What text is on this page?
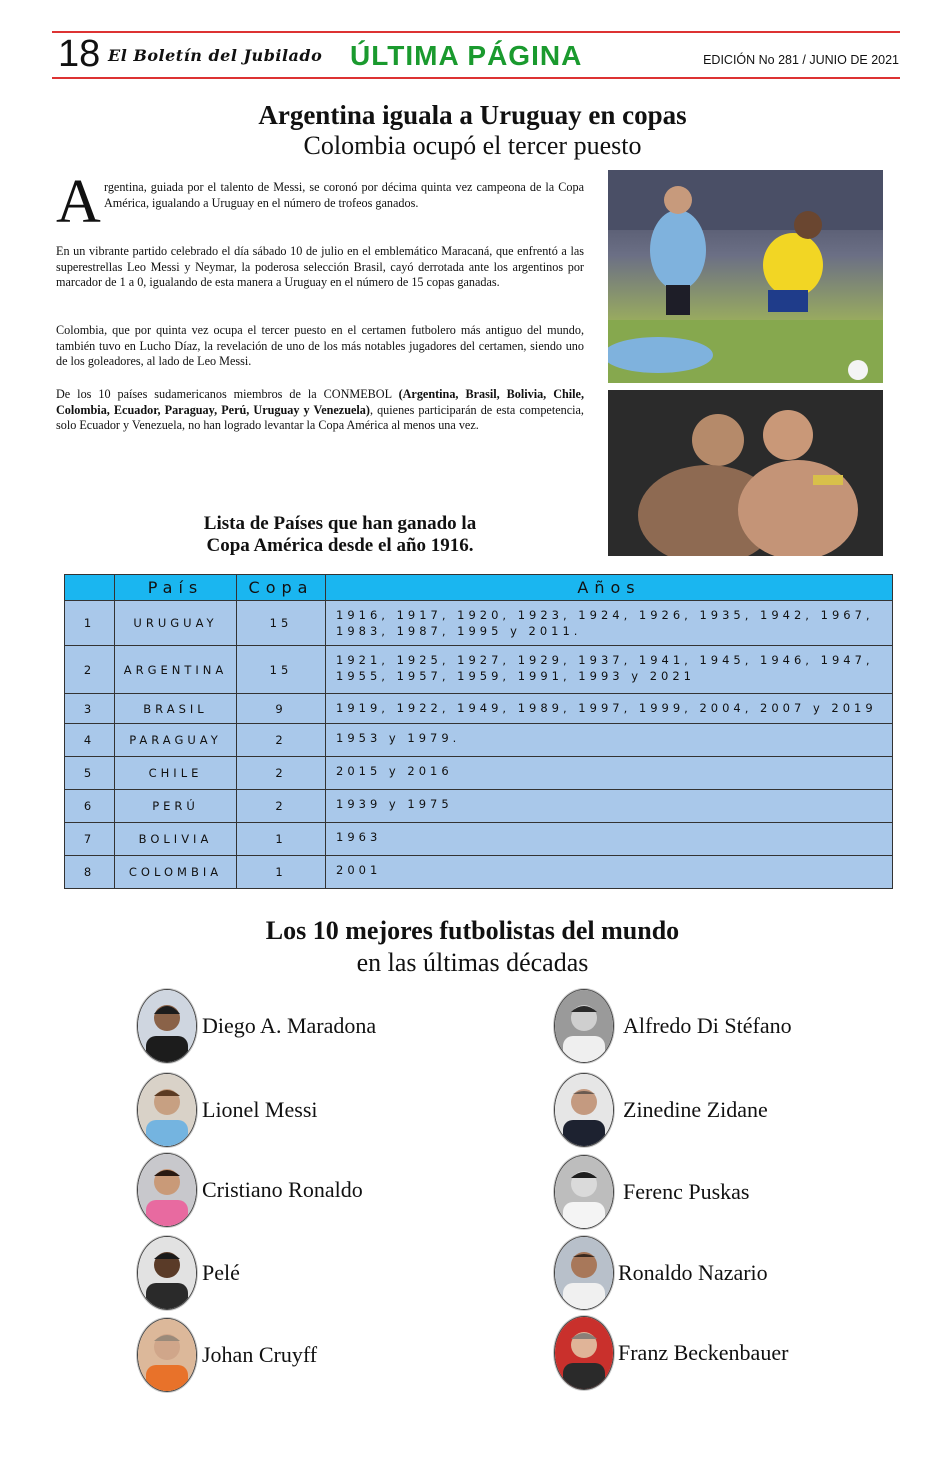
18 El Boletín del Jubilado ÚLTIMA PÁGINA	EDICIÓN No 281 / JUNIO DE 2021
Argentina iguala a Uruguay en copas
Colombia ocupó el tercer puesto
A rgentina, guiada por el talento de Messi, se coronó por décima quinta vez campeona de la Copa América, igualando a Uruguay en el número de trofeos ganados.
En un vibrante partido celebrado el día sábado 10 de julio en el emblemático Maracaná, que enfrentó a las superestrellas Leo Messi y Neymar, la poderosa selección Brasil, cayó derrotada ante los argentinos por marcador de 1 a 0, igualando de esta manera a Uruguay en el número de 15 copas ganadas.
Colombia, que por quinta vez ocupa el tercer puesto en el certamen futbolero más antiguo del mundo, también tuvo en Lucho Díaz, la revelación de uno de los más notables jugadores del certamen, siendo uno de los goleadores, al lado de Leo Messi.
De los 10 países sudamericanos miembros de la CONMEBOL (Argentina, Brasil, Bolivia, Chile, Colombia, Ecuador, Paraguay, Perú, Uruguay y Venezuela), quienes participarán de esta competencia, solo Ecuador y Venezuela, no han logrado levantar la Copa América al menos una vez.
Lista de Países que han ganado la
Copa América desde el año 1916.
	País	Copa	Años
1	URUGUAY	15	1916, 1917, 1920, 1923, 1924, 1926, 1935, 1942, 1967, 1983, 1987, 1995 y 2011.
2	ARGENTINA	15	1921, 1925, 1927, 1929, 1937, 1941, 1945, 1946, 1947, 1955, 1957, 1959, 1991, 1993 y 2021
3	BRASIL	9	1919, 1922, 1949, 1989, 1997, 1999, 2004, 2007 y 2019
4	PARAGUAY	2	1953 y 1979.
5	CHILE	2	2015 y 2016
6	PERÚ	2	1939 y 1975
7	BOLIVIA	1	1963
8	COLOMBIA	1	2001
Los 10 mejores futbolistas del mundo
en las últimas décadas
Diego A. Maradona
Lionel Messi
Cristiano Ronaldo
Pelé
Johan Cruyff
Alfredo Di Stéfano
Zinedine Zidane
Ferenc Puskas
Ronaldo Nazario
Franz Beckenbauer
